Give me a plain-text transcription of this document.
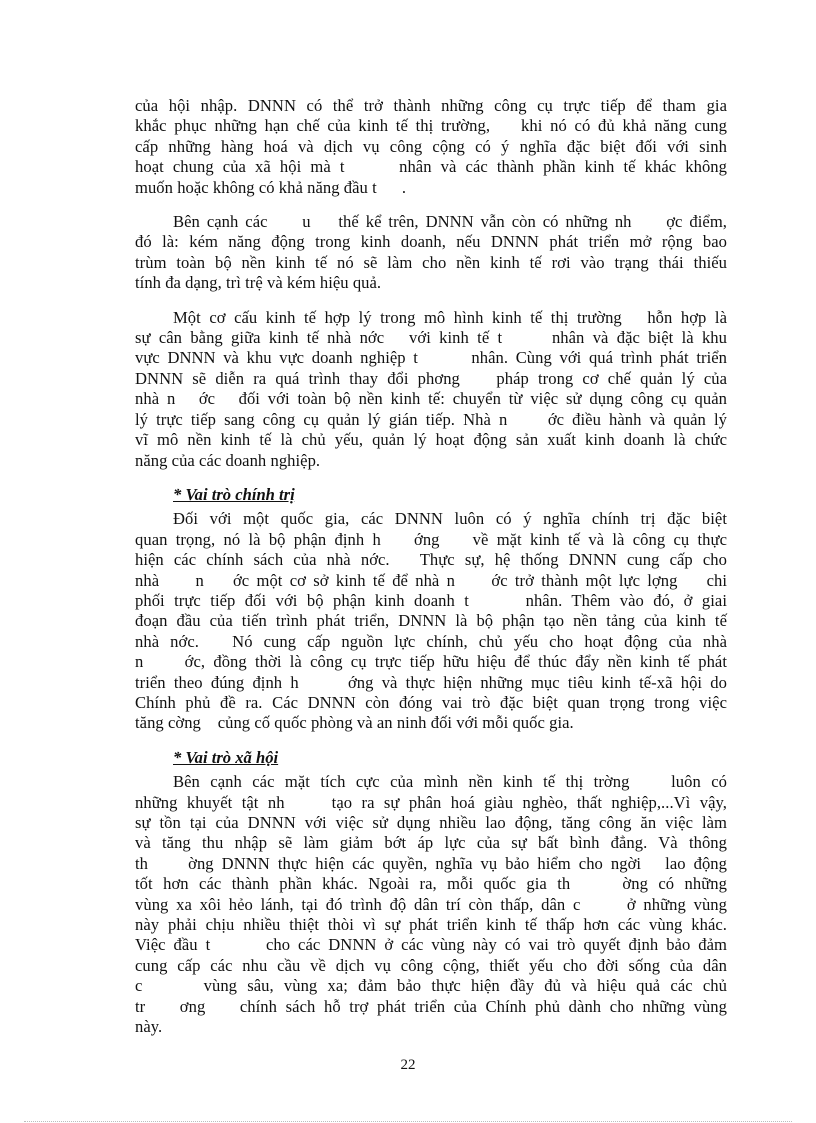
của hội nhập. DNNN có thể trở thành những công cụ trực tiếp để tham gia
khắc phục những hạn chế của kinh tế thị trường,    khi nó có đủ khả năng cung
cấp những hàng hoá và dịch vụ công cộng có ý nghĩa đặc biệt đối với sinh
hoạt chung của xã hội mà t      nhân và các thành phần kinh tế khác không
muốn hoặc không có khả năng đầu t      .
Bên cạnh các     u    thế kể trên, DNNN vẫn còn có những nh     ợc điểm,
đó là: kém năng động trong kinh doanh, nếu DNNN phát triển mở rộng bao
trùm toàn bộ nền kinh tế nó sẽ làm cho nền kinh tế rơi vào trạng thái thiếu
tính đa dạng, trì trệ và kém hiệu quả.
Một cơ cấu kinh tế hợp lý trong mô hình kinh tế thị trường   hỗn hợp là
sự cân bằng giữa kinh tế nhà nớc   với kinh tế t      nhân và đặc biệt là khu
vực DNNN và khu vực doanh nghiệp t       nhân. Cùng với quá trình phát triển
DNNN sẽ diễn ra quá trình thay đổi phơng    pháp trong cơ chế quản lý của
nhà n   ớc   đối với toàn bộ nền kinh tế: chuyển từ việc sử dụng công cụ quản
lý trực tiếp sang công cụ quản lý gián tiếp. Nhà n     ớc điều hành và quản lý
vĩ mô nền kinh tế là chủ yếu, quản lý hoạt động sản xuất kinh doanh là chức
năng của các doanh nghiệp.
* Vai trò chính trị
Đối với một quốc gia, các DNNN luôn có ý nghĩa chính trị đặc biệt
quan trọng, nó là bộ phận định h    ớng    về mặt kinh tế và là công cụ thực
hiện các chính sách của nhà nớc.   Thực sự, hệ thống DNNN cung cấp cho
nhà     n    ớc một cơ sở kinh tế để nhà n     ớc trở thành một lực lợng    chi
phối trực tiếp đối với bộ phận kinh doanh t      nhân. Thêm vào đó, ở giai
đoạn đầu của tiến trình phát triển, DNNN là bộ phận tạo nền tảng của kinh tế
nhà nớc.   Nó cung cấp nguồn lực chính, chủ yếu cho hoạt động của nhà
n     ớc, đồng thời là công cụ trực tiếp hữu hiệu để thúc đẩy nền kinh tế phát
triển theo đúng định h      ớng và thực hiện những mục tiêu kinh tế-xã hội do
Chính phủ đề ra. Các DNNN còn đóng vai trò đặc biệt quan trọng trong việc
tăng cờng    củng cố quốc phòng và an ninh đối với mỗi quốc gia.
* Vai trò xã hội
Bên cạnh các mặt tích cực của mình nền kinh tế thị trờng    luôn có
những khuyết tật nh     tạo ra sự phân hoá giàu nghèo, thất nghiệp,...Vì vậy,
sự tồn tại của DNNN với việc sử dụng nhiều lao động, tăng công ăn việc làm
và tăng thu nhập sẽ làm giảm bớt áp lực của sự bất bình đẳng. Và thông
th     ờng DNNN thực hiện các quyền, nghĩa vụ bảo hiểm cho ngời   lao động
tốt hơn các thành phần khác. Ngoài ra, mỗi quốc gia th     ờng có những
vùng xa xôi hẻo lánh, tại đó trình độ dân trí còn thấp, dân c      ở những vùng
này phải chịu nhiều thiệt thòi vì sự phát triển kinh tế thấp hơn các vùng khác.
Việc đầu t       cho các DNNN ở các vùng này có vai trò quyết định bảo đảm
cung cấp các nhu cầu về dịch vụ công cộng, thiết yếu cho đời sống của dân
c      vùng sâu, vùng xa; đảm bảo thực hiện đầy đủ và hiệu quả các chủ
tr    ơng    chính sách hỗ trợ phát triển của Chính phủ dành cho những vùng
này.
22
